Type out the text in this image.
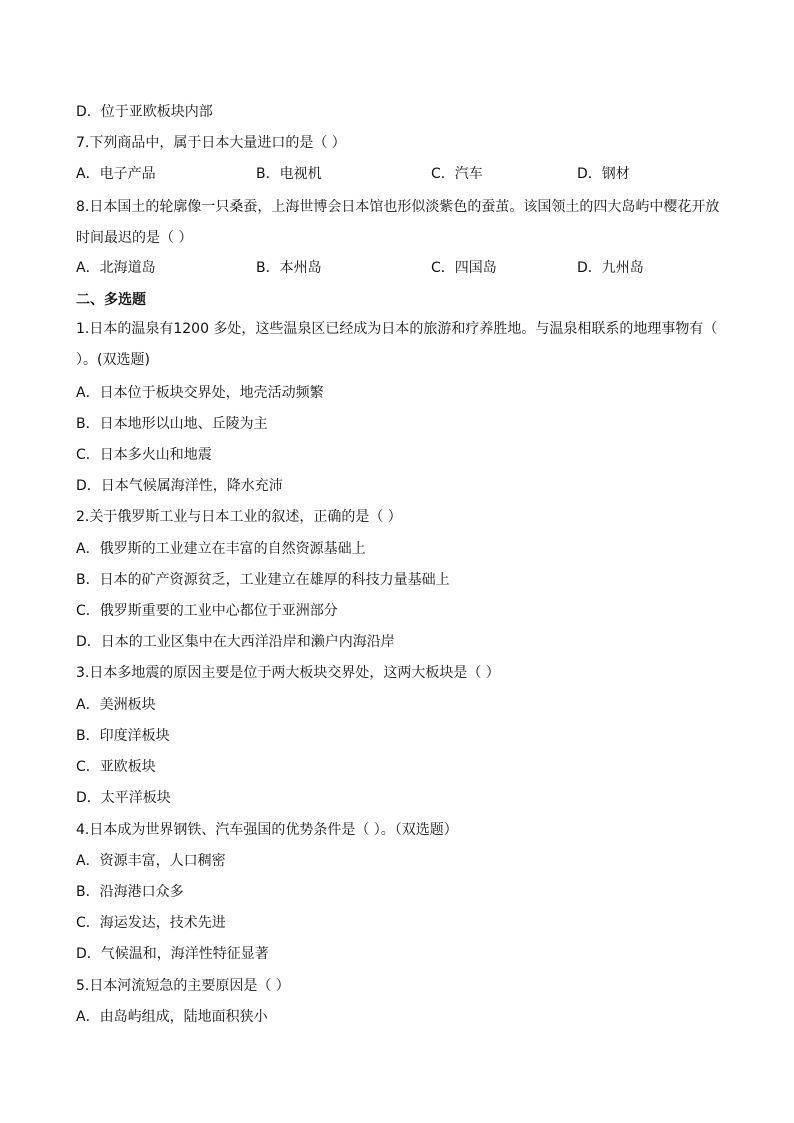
D．位于亚欧板块内部
7.下列商品中，属于日本大量进口的是（ ）
A．电子产品	B．电视机	C．汽车	D．钢材
8.日本国土的轮廓像一只桑蚕，上海世博会日本馆也形似淡紫色的蚕茧。该国领土的四大岛屿中樱花开放时间最迟的是（ ）
A．北海道岛	B．本州岛	C．四国岛	D．九州岛
二、多选题
1.日本的温泉有1200 多处，这些温泉区已经成为日本的旅游和疗养胜地。与温泉相联系的地理事物有（ ）。(双选题)
A．日本位于板块交界处，地壳活动频繁
B．日本地形以山地、丘陵为主
C．日本多火山和地震
D．日本气候属海洋性，降水充沛
2.关于俄罗斯工业与日本工业的叙述，正确的是（ ）
A．俄罗斯的工业建立在丰富的自然资源基础上
B．日本的矿产资源贫乏，工业建立在雄厚的科技力量基础上
C．俄罗斯重要的工业中心都位于亚洲部分
D．日本的工业区集中在大西洋沿岸和濑户内海沿岸
3.日本多地震的原因主要是位于两大板块交界处，这两大板块是（ ）
A．美洲板块
B．印度洋板块
C．亚欧板块
D．太平洋板块
4.日本成为世界钢铁、汽车强国的优势条件是（ ）。（双选题）
A．资源丰富，人口稠密
B．沿海港口众多
C．海运发达，技术先进
D．气候温和，海洋性特征显著
5.日本河流短急的主要原因是（ ）
A．由岛屿组成，陆地面积狭小
